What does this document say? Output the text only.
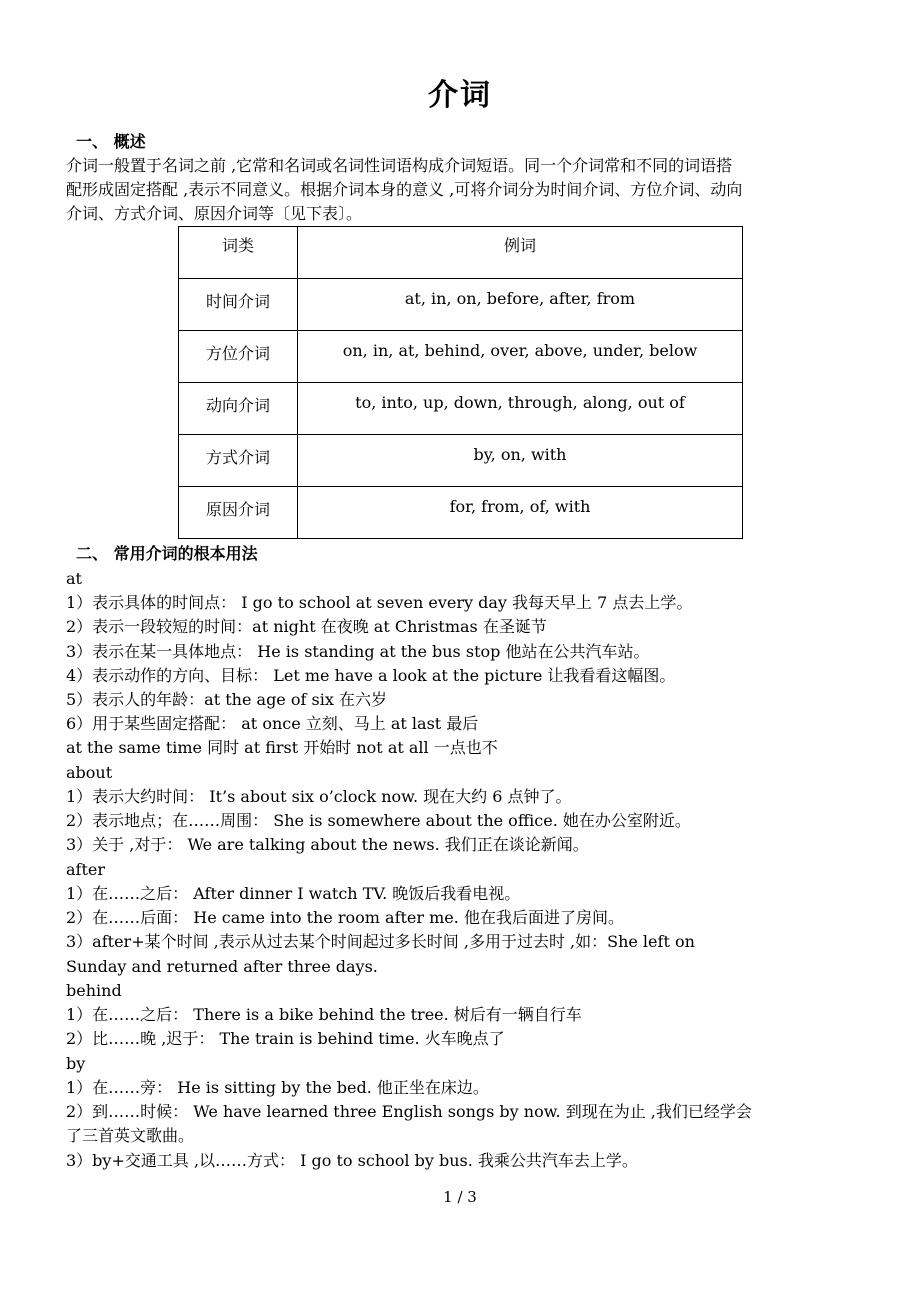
介词
一、 概述
介词一般置于名词之前 ,它常和名词或名词性词语构成介词短语。同一个介词常和不同的词语搭
配形成固定搭配 ,表示不同意义。根据介词本身的意义 ,可将介词分为时间介词、方位介词、动向
介词、方式介词、原因介词等〔见下表〕。
词类	例词
时间介词	at, in, on, before, after, from
方位介词	on, in, at, behind, over, above, under, below
动向介词	to, into, up, down, through, along, out of
方式介词	by, on, with
原因介词	for, from, of, with
二、 常用介词的根本用法
at
1）表示具体的时间点： I go to school at seven every day 我每天早上 7 点去上学。
2）表示一段较短的时间：at night 在夜晚 at Christmas 在圣诞节
3）表示在某一具体地点： He is standing at the bus stop 他站在公共汽车站。
4）表示动作的方向、目标： Let me have a look at the picture 让我看看这幅图。
5）表示人的年龄：at the age of six 在六岁
6）用于某些固定搭配： at once 立刻、马上 at last 最后
at the same time 同时 at first 开始时 not at all 一点也不
about
1）表示大约时间： It’s about six o’clock now. 现在大约 6 点钟了。
2）表示地点；在……周围： She is somewhere about the office. 她在办公室附近。
3）关于 ,对于： We are talking about the news. 我们正在谈论新闻。
after
1）在……之后： After dinner I watch TV. 晚饭后我看电视。
2）在……后面： He came into the room after me. 他在我后面进了房间。
3）after+某个时间 ,表示从过去某个时间起过多长时间 ,多用于过去时 ,如：She left on
Sunday and returned after three days.
behind
1）在……之后： There is a bike behind the tree. 树后有一辆自行车
2）比……晚 ,迟于： The train is behind time. 火车晚点了
by
1）在……旁： He is sitting by the bed. 他正坐在床边。
2）到……时候： We have learned three English songs by now. 到现在为止 ,我们已经学会
了三首英文歌曲。
3）by+交通工具 ,以……方式： I go to school by bus. 我乘公共汽车去上学。
1 / 3
